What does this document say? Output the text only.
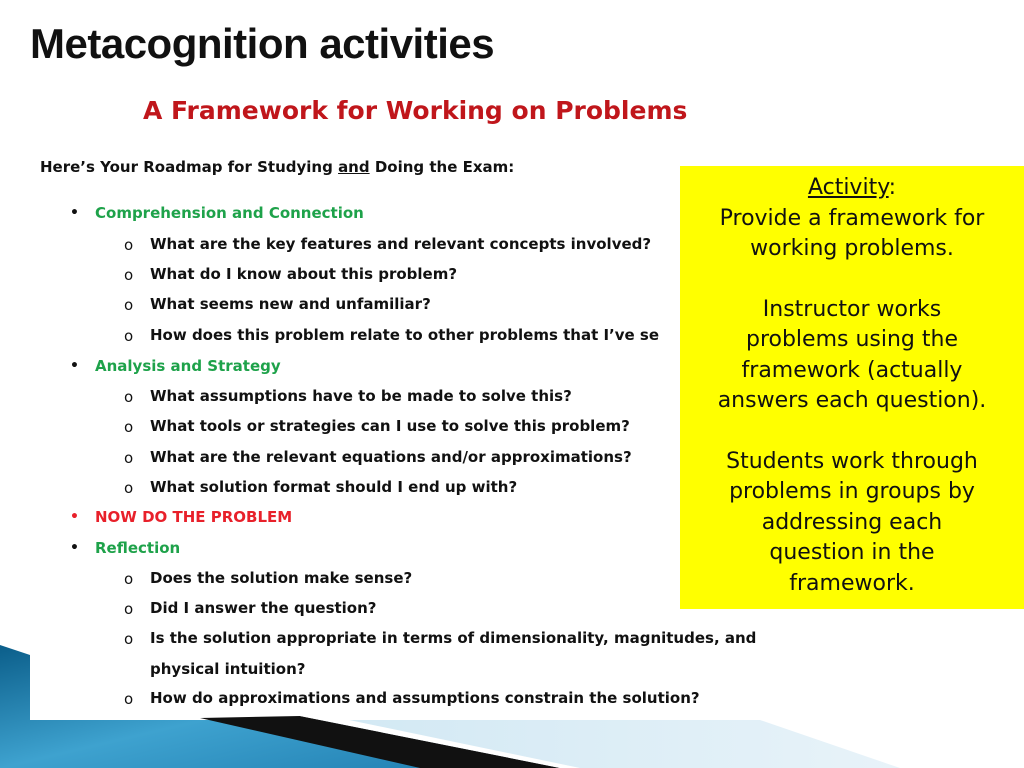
Metacognition activities
A Framework for Working on Problems
Here’s Your Roadmap for Studying and Doing the Exam:
• Comprehension and Connection
o What are the key features and relevant concepts involved?
o What do I know about this problem?
o What seems new and unfamiliar?
o How does this problem relate to other problems that I’ve se
• Analysis and Strategy
o What assumptions have to be made to solve this?
o What tools or strategies can I use to solve this problem?
o What are the relevant equations and/or approximations?
o What solution format should I end up with?
• NOW DO THE PROBLEM
• Reflection
o Does the solution make sense?
o Did I answer the question?
o Is the solution appropriate in terms of dimensionality, magnitudes, and
physical intuition?
o How do approximations and assumptions constrain the solution?

Activity:

Provide a framework for

working problems.

Instructor works

problems using the

framework (actually

answers each question).

Students work through

problems in groups by

addressing each

question in the

framework.
